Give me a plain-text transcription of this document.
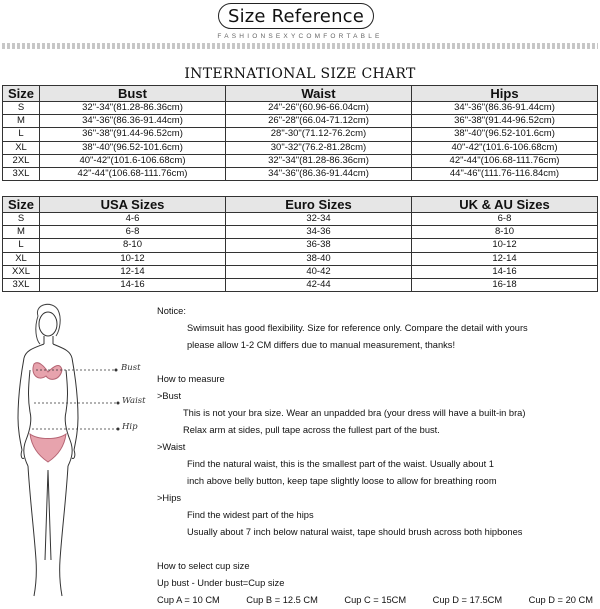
Size Reference
FASHIONSEXYCOMFORTABLE
INTERNATIONAL SIZE CHART
Size	Bust	Waist	Hips
S	32"-34"(81.28-86.36cm)	24"-26"(60.96-66.04cm)	34"-36"(86.36-91.44cm)
M	34"-36"(86.36-91.44cm)	26"-28"(66.04-71.12cm)	36"-38"(91.44-96.52cm)
L	36"-38"(91.44-96.52cm)	28"-30"(71.12-76.2cm)	38"-40"(96.52-101.6cm)
XL	38"-40"(96.52-101.6cm)	30"-32"(76.2-81.28cm)	40"-42"(101.6-106.68cm)
2XL	40"-42"(101.6-106.68cm)	32"-34"(81.28-86.36cm)	42"-44"(106.68-111.76cm)
3XL	42"-44"(106.68-111.76cm)	34"-36"(86.36-91.44cm)	44"-46"(111.76-116.84cm)
Size	USA Sizes	Euro Sizes	UK & AU Sizes
S	4-6	32-34	6-8
M	6-8	34-36	8-10
L	8-10	36-38	10-12
XL	10-12	38-40	12-14
XXL	12-14	40-42	14-16
3XL	14-16	42-44	16-18
Bust
Waist
Hip
Notice:
Swimsuit has good flexibility. Size for reference only. Compare the detail with yours
please allow 1-2 CM differs due to manual measurement, thanks!
How to measure
>Bust
This is not your bra size. Wear an unpadded bra (your dress will have a built-in bra)
Relax arm at sides, pull tape across the fullest part of the bust.
>Waist
Find the natural waist, this is the smallest part of the waist. Usually about 1
inch above belly button, keep tape slightly loose to allow for breathing room
>Hips
Find the widest part of the hips
Usually about 7 inch below natural waist, tape should brush across both hipbones
How to select cup size
Up bust - Under bust=Cup size
Cup A = 10 CM	Cup B = 12.5 CM	Cup C = 15CM	Cup D = 17.5CM	Cup D = 20 CM
